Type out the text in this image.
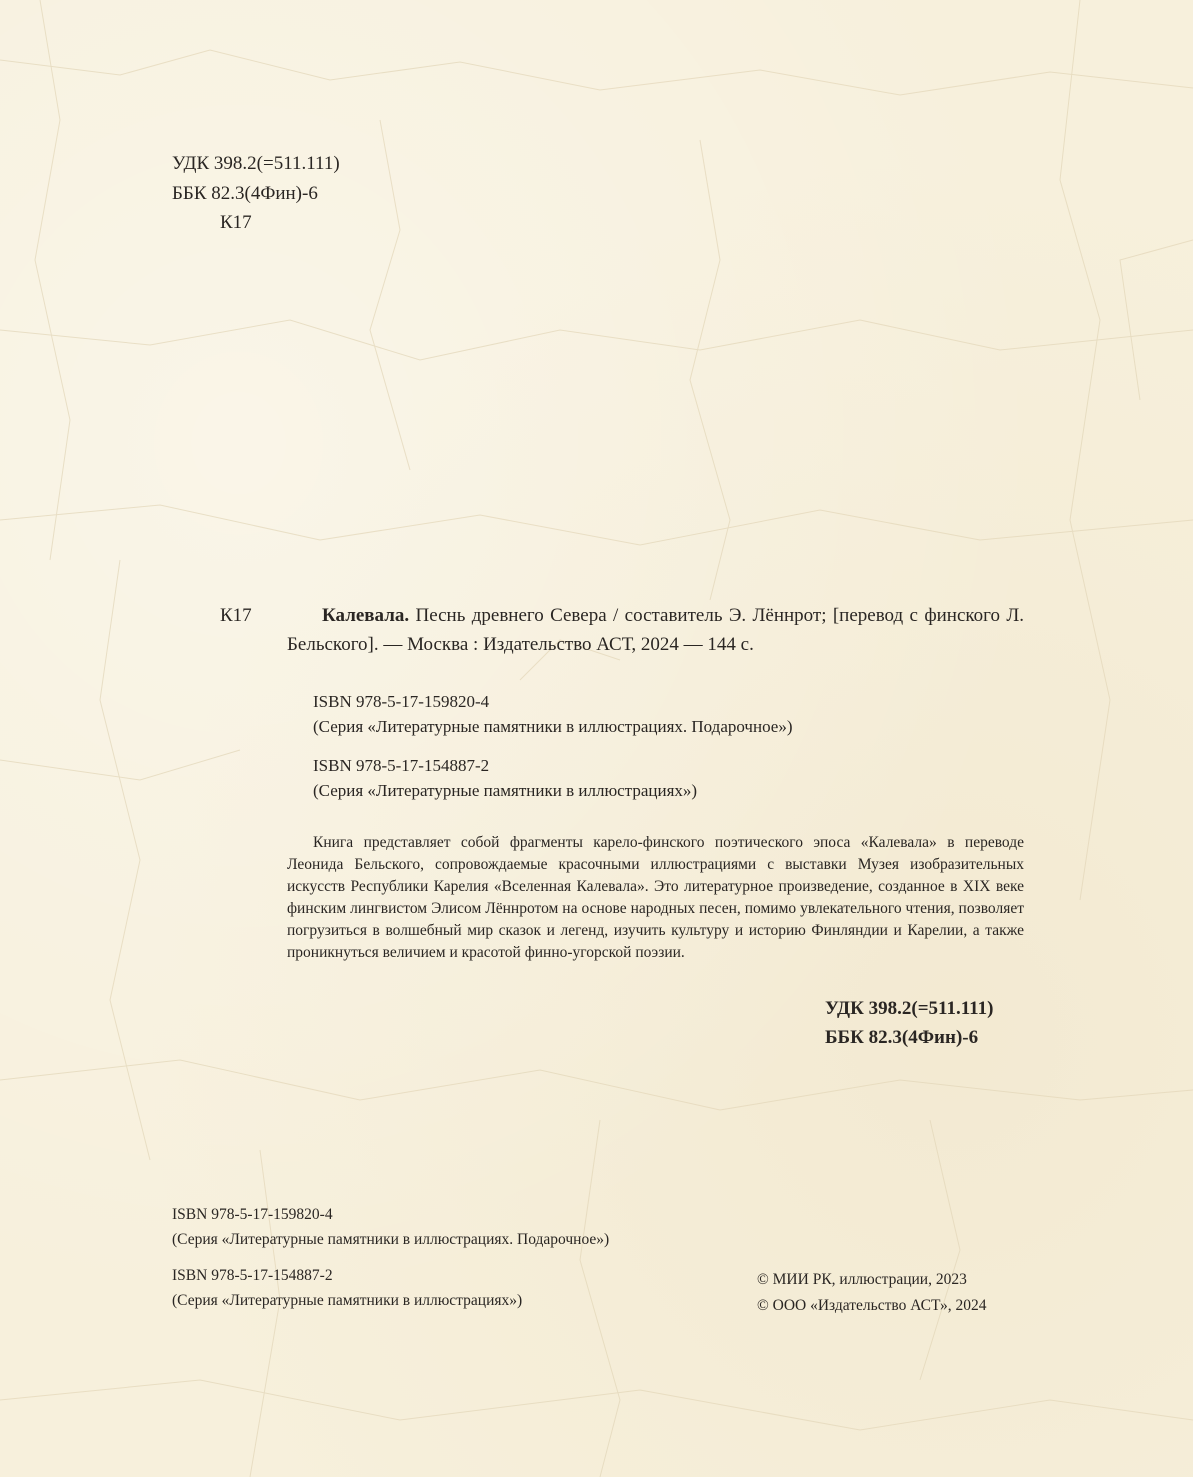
УДК 398.2(=511.111)
ББК 82.3(4Фин)-6
К17
К17	Калевала. Песнь древнего Севера / составитель Э. Лённрот; [перевод с финского Л. Бельского]. — Москва : Издательство АСТ, 2024 — 144 с.
ISBN 978-5-17-159820-4
(Серия «Литературные памятники в иллюстрациях. Подарочное»)
ISBN 978-5-17-154887-2
(Серия «Литературные памятники в иллюстрациях»)
Книга представляет собой фрагменты карело-финского поэтического эпоса «Калевала» в переводе Леонида Бельского, сопровождаемые красочными иллюстрациями с выставки Музея изобразительных искусств Республики Карелия «Вселенная Калевала». Это литературное произведение, созданное в XIX веке финским лингвистом Элисом Лённротом на основе народных песен, помимо увлекательного чтения, позволяет погрузиться в волшебный мир сказок и легенд, изучить культуру и историю Финляндии и Карелии, а также проникнуться величием и красотой финно-угорской поэзии.
УДК 398.2(=511.111)
ББК 82.3(4Фин)-6
ISBN 978-5-17-159820-4
(Серия «Литературные памятники в иллюстрациях. Подарочное»)
ISBN 978-5-17-154887-2
(Серия «Литературные памятники в иллюстрациях»)
© МИИ РК, иллюстрации, 2023
© ООО «Издательство АСТ», 2024
